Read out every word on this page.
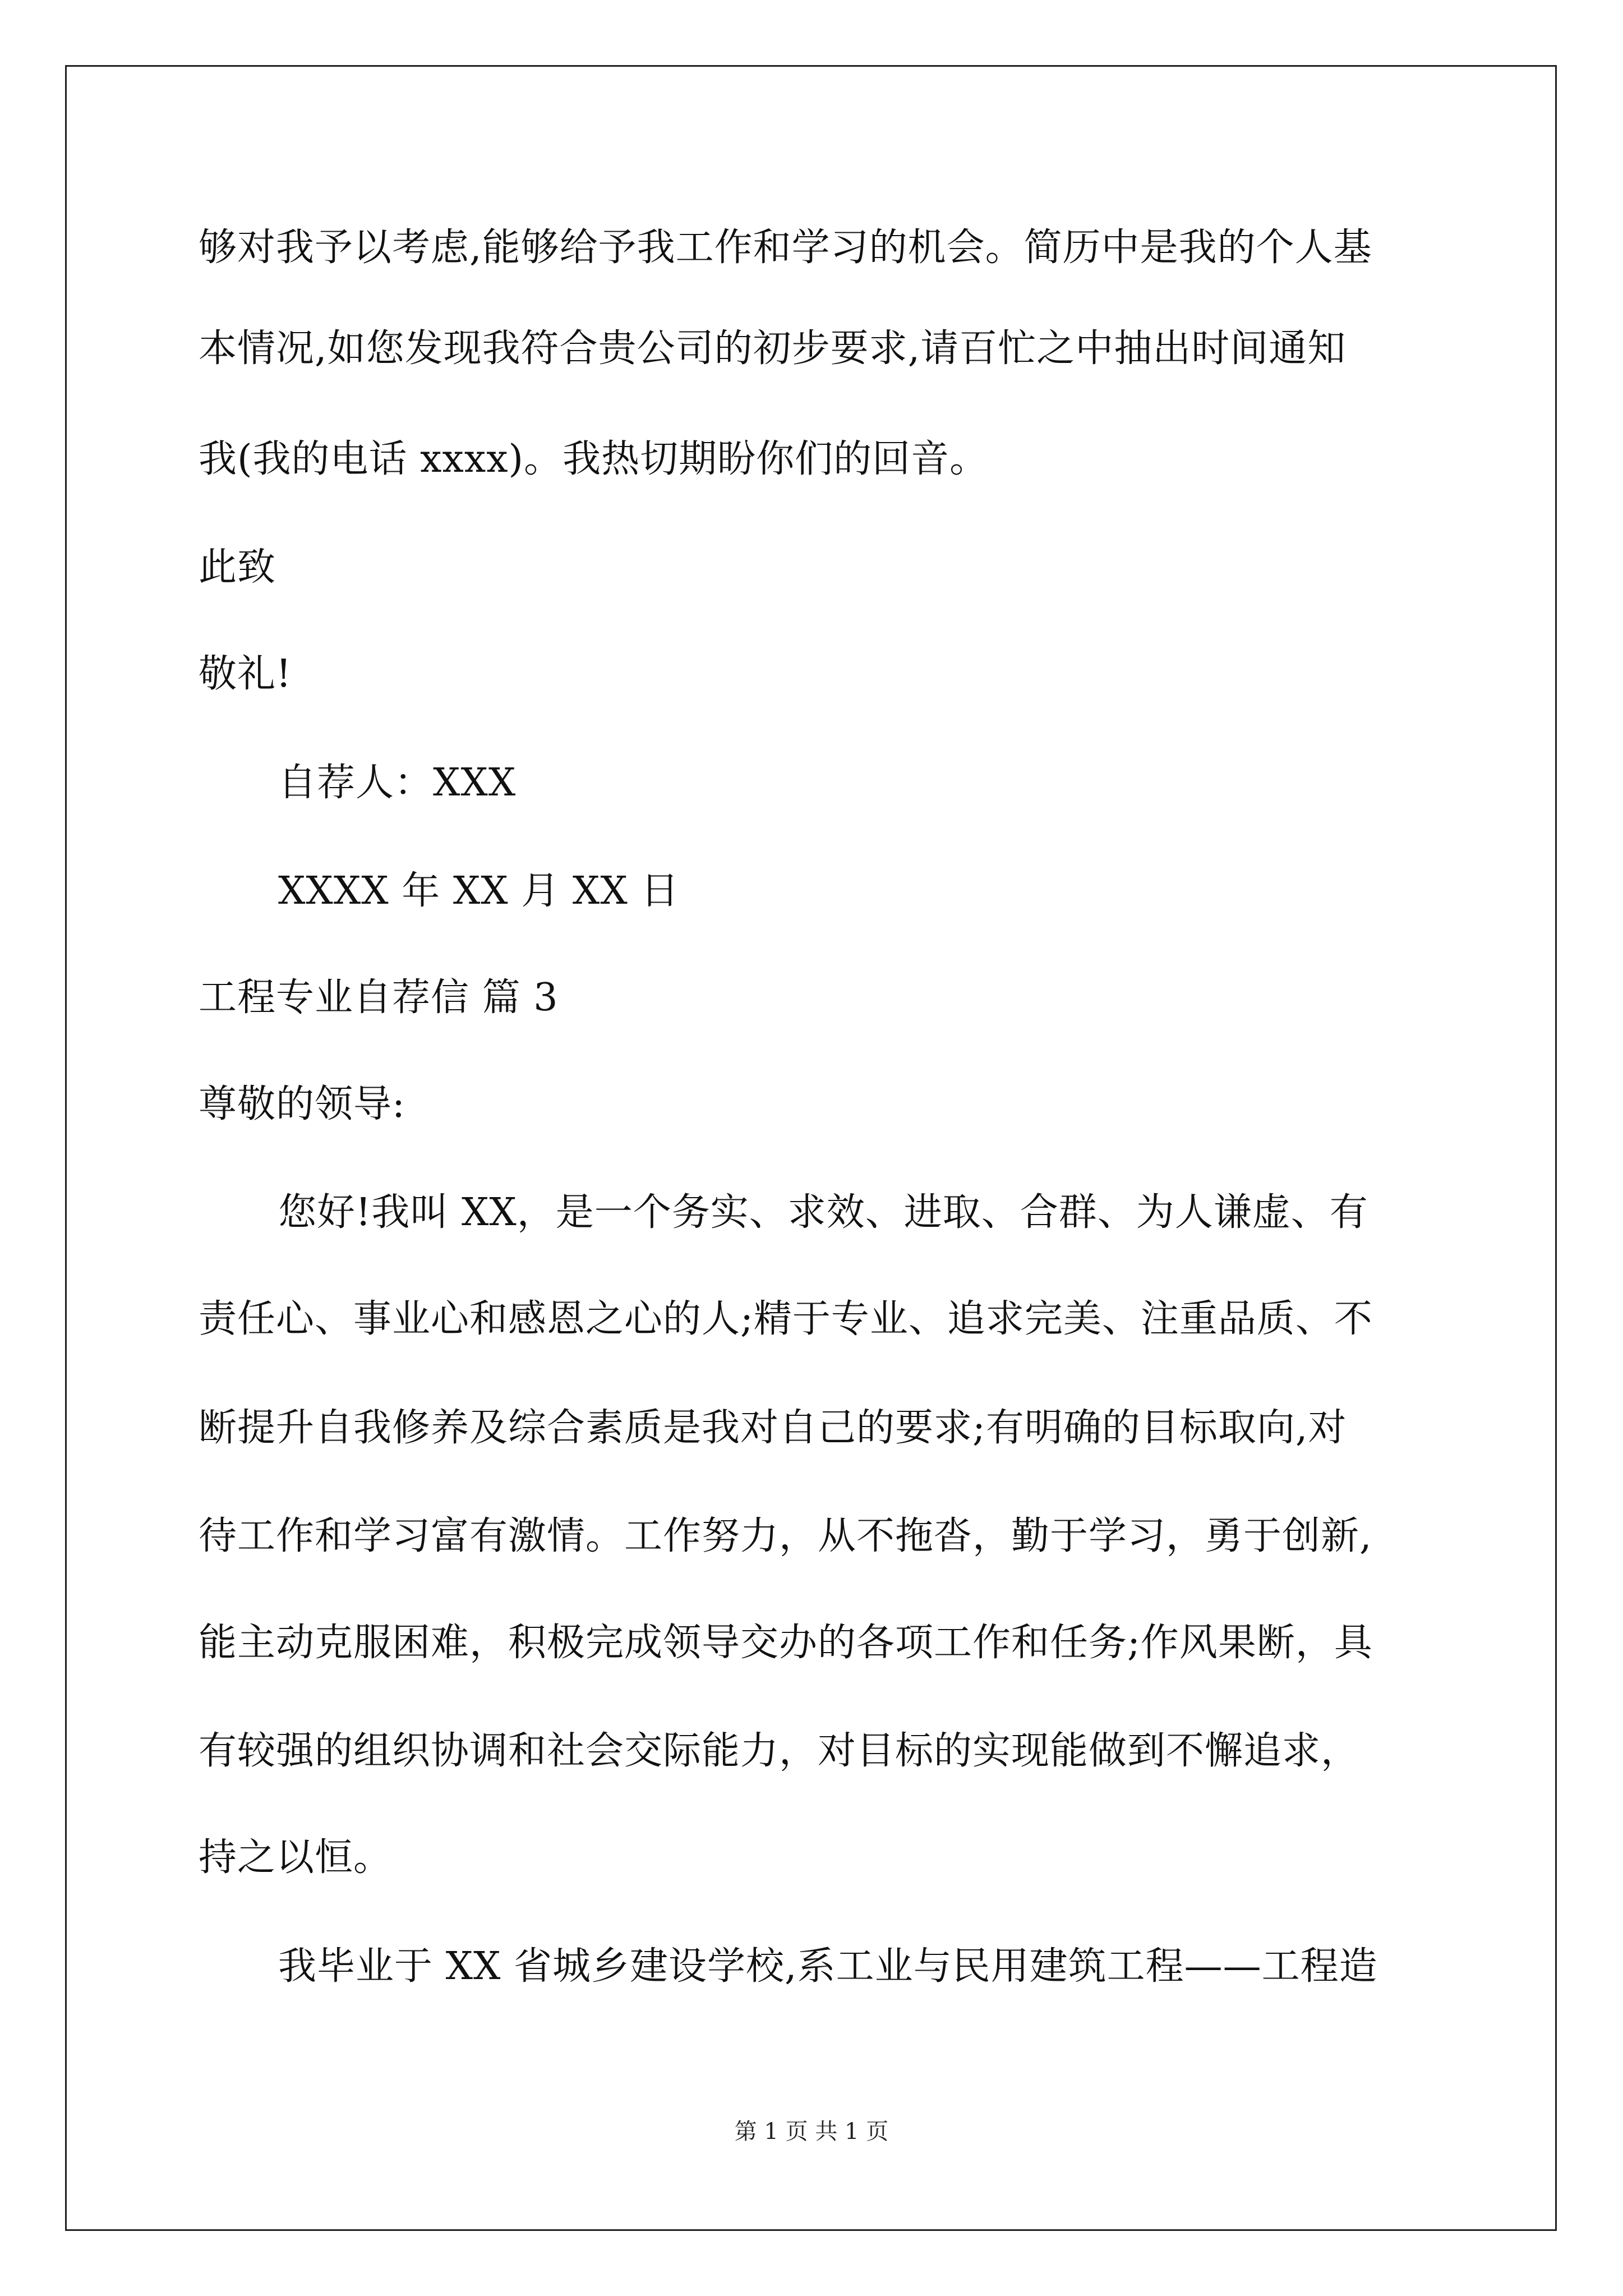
够对我予以考虑,能够给予我工作和学习的机会。简历中是我的个人基
本情况,如您发现我符合贵公司的初步要求,请百忙之中抽出时间通知
我(我的电话 xxxx)。我热切期盼你们的回音。
此致
敬礼!
自荐人：XXX
XXXX 年 XX 月 XX 日
工程专业自荐信 篇 3
尊敬的领导:
您好!我叫 XX，是一个务实、求效、进取、合群、为人谦虚、有
责任心、事业心和感恩之心的人;精于专业、追求完美、注重品质、不
断提升自我修养及综合素质是我对自己的要求;有明确的目标取向,对
待工作和学习富有激情。工作努力，从不拖沓，勤于学习，勇于创新,
能主动克服困难，积极完成领导交办的各项工作和任务;作风果断，具
有较强的组织协调和社会交际能力，对目标的实现能做到不懈追求，
持之以恒。
我毕业于 XX 省城乡建设学校,系工业与民用建筑工程——工程造
第 1 页 共 1 页
